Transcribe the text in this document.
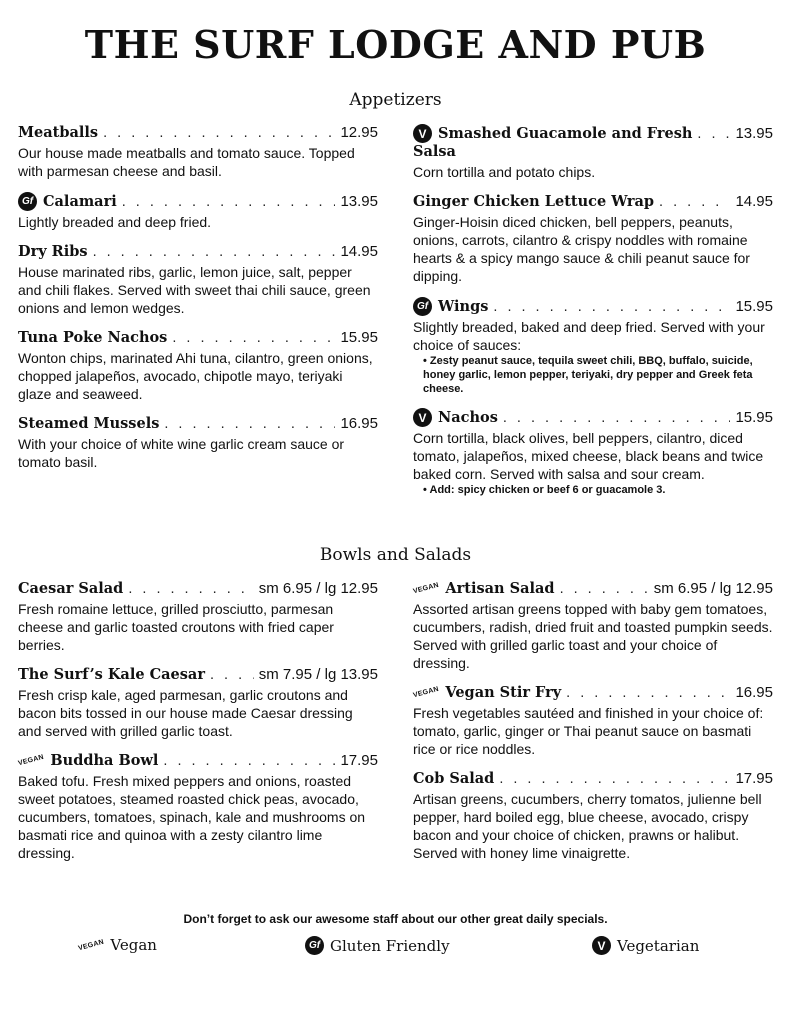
THE SURF LODGE AND PUB
Appetizers
Meatballs . . .	12.95
Our house made meatballs and tomato sauce. Topped with parmesan cheese and basil.
Gf Calamari . . .	13.95
Lightly breaded and deep fried.
Dry Ribs . . .	14.95
House marinated ribs, garlic, lemon juice, salt, pepper and chili flakes. Served with sweet thai chili sauce, green onions and lemon wedges.
Tuna Poke Nachos . . .	15.95
Wonton chips, marinated Ahi tuna, cilantro, green onions, chopped jalapeños, avocado, chipotle mayo, teriyaki glaze and seaweed.
Steamed Mussels . . .	16.95
With your choice of white wine garlic cream sauce or tomato basil.
V Smashed Guacamole and Fresh . . .	13.95
Salsa
Corn tortilla and potato chips.
Ginger Chicken Lettuce Wrap . . .	14.95
Ginger-Hoisin diced chicken, bell peppers, peanuts, onions, carrots, cilantro & crispy noddles with romaine hearts & a spicy mango sauce & chili peanut sauce for dipping.
Gf Wings . . .	15.95
Slightly breaded, baked and deep fried. Served with your choice of sauces:
• Zesty peanut sauce, tequila sweet chili, BBQ, buffalo, suicide, honey garlic, lemon pepper, teriyaki, dry pepper and Greek feta cheese.
V Nachos . . .	15.95
Corn tortilla, black olives, bell peppers, cilantro, diced tomato, jalapeños, mixed cheese, black beans and twice baked corn. Served with salsa and sour cream.
• Add: spicy chicken or beef 6 or guacamole 3.
Bowls and Salads
Caesar Salad . . .	sm 6.95 / lg 12.95
Fresh romaine lettuce, grilled prosciutto, parmesan cheese and garlic toasted croutons with fried caper berries.
The Surf’s Kale Caesar . . .	sm 7.95 / lg 13.95
Fresh crisp kale, aged parmesan, garlic croutons and bacon bits tossed in our house made Caesar dressing and served with grilled garlic toast.
VEGAN Buddha Bowl . . .	17.95
Baked tofu. Fresh mixed peppers and onions, roasted sweet potatoes, steamed roasted chick peas, avocado, cucumbers, tomatoes, spinach, kale and mushrooms on basmati rice and quinoa with a zesty cilantro lime dressing.
VEGAN Artisan Salad . . .	sm 6.95 / lg 12.95
Assorted artisan greens topped with baby gem tomatoes, cucumbers, radish, dried fruit and toasted pumpkin seeds. Served with grilled garlic toast and your choice of dressing.
VEGAN Vegan Stir Fry . . .	16.95
Fresh vegetables sautéed and finished in your choice of: tomato, garlic, ginger or Thai peanut sauce on basmati rice or rice noddles.
Cob Salad . . .	17.95
Artisan greens, cucumbers, cherry tomatos, julienne bell pepper, hard boiled egg, blue cheese, avocado, crispy bacon and your choice of chicken, prawns or halibut. Served with honey lime vinaigrette.
Don’t forget to ask our awesome staff about our other great daily specials.
VEGAN Vegan	Gf Gluten Friendly	V Vegetarian
